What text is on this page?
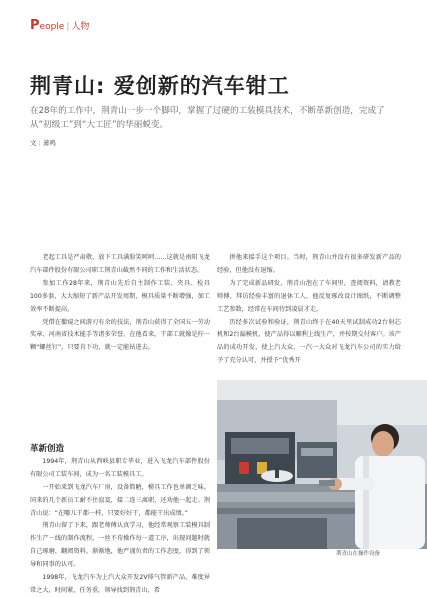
P eople | 人物
荆青山: 爱创新的汽车钳工
在28年的工作中，荆青山一步一个脚印，掌握了过硬的工装模具技术，不断革新创造，完成了从“初级工”到“大工匠”的华丽蜕变。
文 | 萧鸣

老起工具是严肃敬，放下工具满脸笑呵呵……这就是南阳飞龙汽车部件股份有限公司职工荆青山截然不同的工作和生活状态。

参加工作28年来，荆青山先后自主制作工装、夹具、检具100多套，大大缩短了新产品开发周期，模具质量不断增强，加工效率不断提高。

凭借在衢窥之间游刃有余的技法，荆青山获得了全国五一劳动奖章、河南省技术能手等诸多荣誉。在他看来，干部工就像是拧一颗“螺丝钉”，只要肯下功，就一定能钻进去。

拼他来接手这个项目。当时，荆青山并没有很多研发新产品的经验，但他没有退缩。

为了完成新品研发，荆青山泡在了车间里，查阅资料，请教老师傅，拜访经验丰富的退休工人，他反复琢改设计图纸，不断调整工艺参数，经常在车间待到凌晨才走。

历经多次试验和验证，荆青山终于在40天里试制成功2台射芯机和2台漏模机，使产品得以顺利上线生产，并按期交付客户。该产品的成功开发，使上汽大众、一汽一大众对飞龙汽车公司的实力给予了充分认可，并授予“优秀开

革新创造

1994年，荆青山从西峡县职专毕业，进入飞龙汽车部件股份有限公司工装车间，成为一名工装模具工。

一开始来到飞龙汽车厂房，设备简陋，模具工作也单调乏味。同来的几个新员工耐不住寂寞，接二连三离职，还劝他一起走。荆青山说：“在哪儿干都一样，只要好好干，都能干出成绩。”

荆青山留了下来，跟老师傅认真学习，他经常观察工装模具制作生产一线的制作流程，一丝不苟操作每一道工序，出现问题时就自己琢磨，翻阅资料，渐渐地，他严谨负责的工作态度，得到了领导和同事的认可。

1998年，飞龙汽车为上汽大众开发2V排气管新产品，难度异常之大，时间紧，任务重，领导找到荆青山，希

荆青山在操作设备
